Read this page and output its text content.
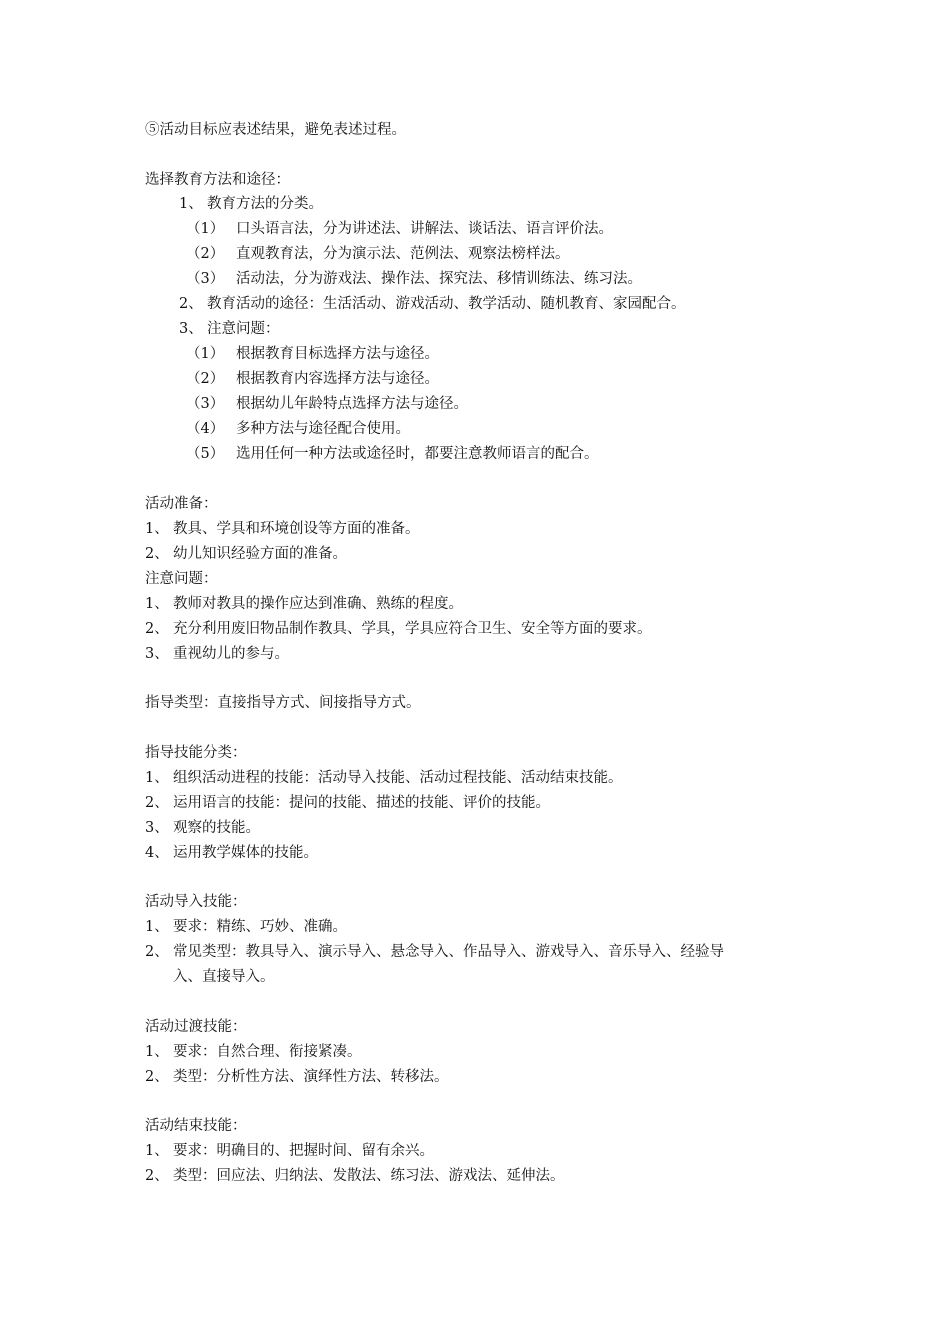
⑤活动目标应表述结果，避免表述过程。
选择教育方法和途径：
1、 教育方法的分类。
（1） 口头语言法，分为讲述法、讲解法、谈话法、语言评价法。
（2） 直观教育法，分为演示法、范例法、观察法榜样法。
（3） 活动法，分为游戏法、操作法、探究法、移情训练法、练习法。
2、 教育活动的途径：生活活动、游戏活动、教学活动、随机教育、家园配合。
3、 注意问题：
（1） 根据教育目标选择方法与途径。
（2） 根据教育内容选择方法与途径。
（3） 根据幼儿年龄特点选择方法与途径。
（4） 多种方法与途径配合使用。
（5） 选用任何一种方法或途径时，都要注意教师语言的配合。
活动准备：
1、 教具、学具和环境创设等方面的准备。
2、 幼儿知识经验方面的准备。
注意问题：
1、 教师对教具的操作应达到准确、熟练的程度。
2、 充分利用废旧物品制作教具、学具，学具应符合卫生、安全等方面的要求。
3、 重视幼儿的参与。
指导类型：直接指导方式、间接指导方式。
指导技能分类：
1、 组织活动进程的技能：活动导入技能、活动过程技能、活动结束技能。
2、 运用语言的技能：提问的技能、描述的技能、评价的技能。
3、 观察的技能。
4、 运用教学媒体的技能。
活动导入技能：
1、 要求：精练、巧妙、准确。
2、 常见类型：教具导入、演示导入、悬念导入、作品导入、游戏导入、音乐导入、经验导
入、直接导入。
活动过渡技能：
1、 要求：自然合理、衔接紧凑。
2、 类型：分析性方法、演绎性方法、转移法。
活动结束技能：
1、 要求：明确目的、把握时间、留有余兴。
2、 类型：回应法、归纳法、发散法、练习法、游戏法、延伸法。
